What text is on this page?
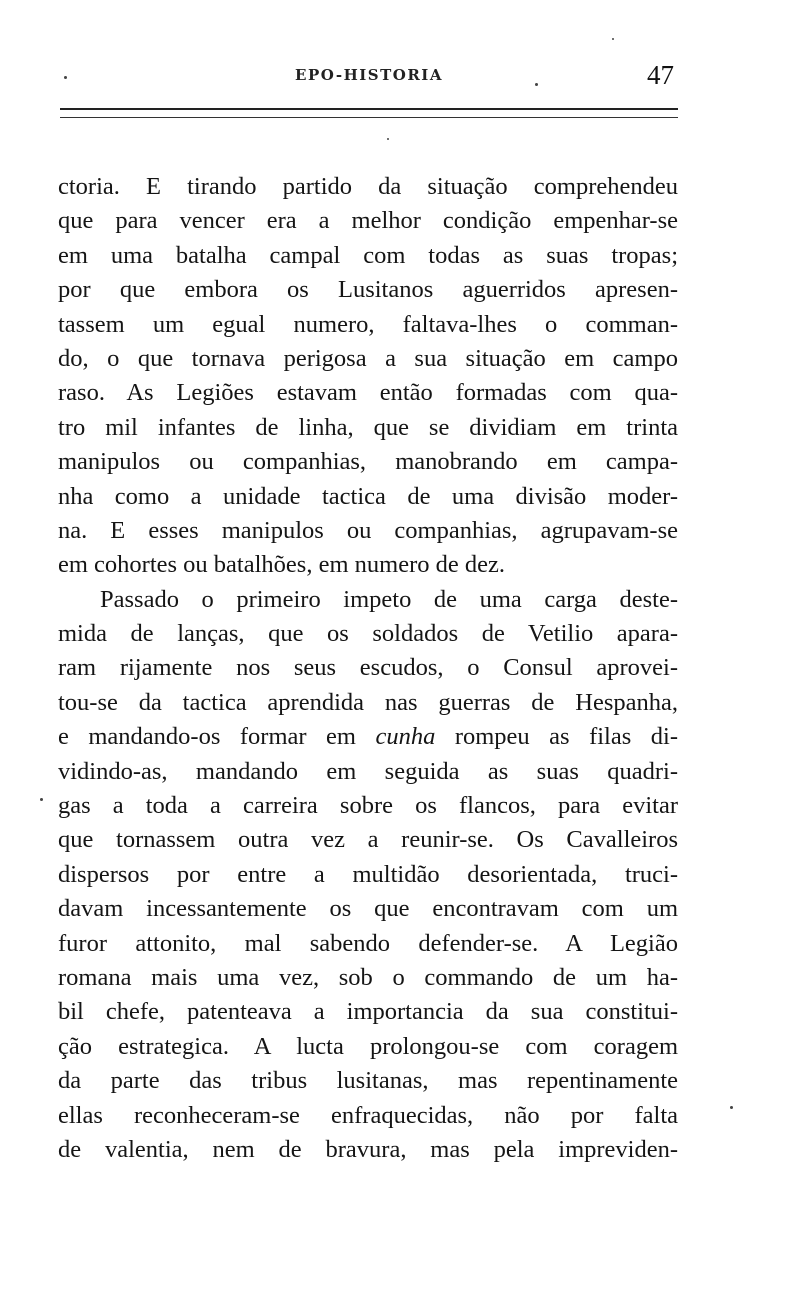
EPO-HISTORIA	47
ctoria. E tirando partido da situação comprehendeu
que para vencer era a melhor condição empenhar-se
em uma batalha campal com todas as suas tropas;
por que embora os Lusitanos aguerridos apresen-
tassem um egual numero, faltava-lhes o comman-
do, o que tornava perigosa a sua situação em campo
raso. As Legiões estavam então formadas com qua-
tro mil infantes de linha, que se dividiam em trinta
manipulos ou companhias, manobrando em campa-
nha como a unidade tactica de uma divisão moder-
na. E esses manipulos ou companhias, agrupavam-se
em cohortes ou batalhões, em numero de dez.
Passado o primeiro impeto de uma carga deste-
mida de lanças, que os soldados de Vetilio apara-
ram rijamente nos seus escudos, o Consul aprovei-
tou-se da tactica aprendida nas guerras de Hespanha,
e mandando-os formar em cunha rompeu as filas di-
vidindo-as, mandando em seguida as suas quadri-
gas a toda a carreira sobre os flancos, para evitar
que tornassem outra vez a reunir-se. Os Cavalleiros
dispersos por entre a multidão desorientada, truci-
davam incessantemente os que encontravam com um
furor attonito, mal sabendo defender-se. A Legião
romana mais uma vez, sob o commando de um ha-
bil chefe, patenteava a importancia da sua constitui-
ção estrategica. A lucta prolongou-se com coragem
da parte das tribus lusitanas, mas repentinamente
ellas reconheceram-se enfraquecidas, não por falta
de valentia, nem de bravura, mas pela impreviden-
